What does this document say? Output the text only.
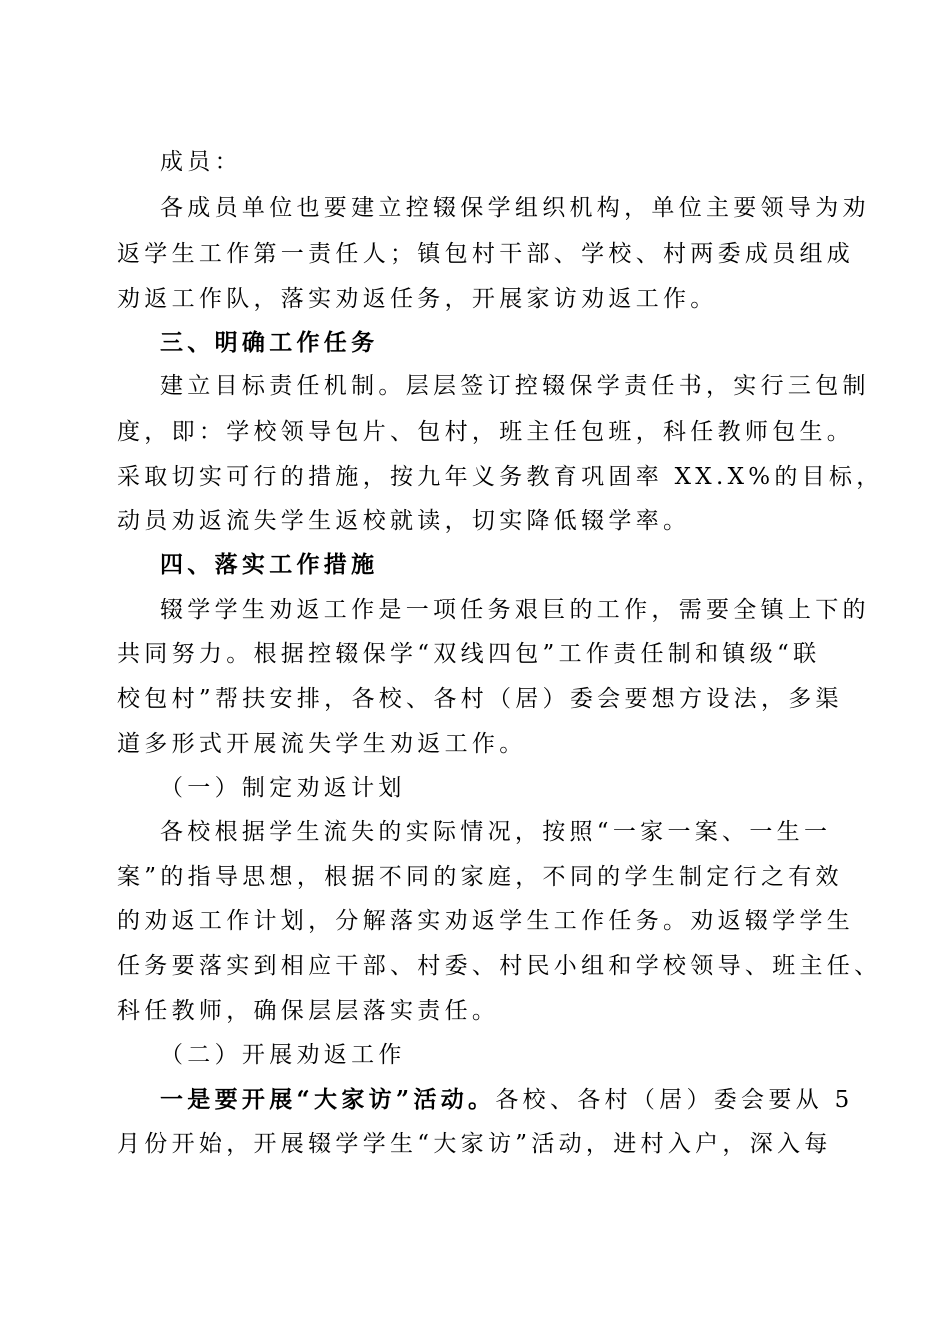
成员：
各成员单位也要建立控辍保学组织机构，单位主要领导为劝
返学生工作第一责任人；镇包村干部、学校、村两委成员组成
劝返工作队，落实劝返任务，开展家访劝返工作。
三、明确工作任务
建立目标责任机制。层层签订控辍保学责任书，实行三包制
度，即：学校领导包片、包村，班主任包班，科任教师包生。
采取切实可行的措施，按九年义务教育巩固率 XX.X%的目标，
动员劝返流失学生返校就读，切实降低辍学率。
四、落实工作措施
辍学学生劝返工作是一项任务艰巨的工作，需要全镇上下的
共同努力。根据控辍保学“双线四包”工作责任制和镇级“联
校包村”帮扶安排，各校、各村（居）委会要想方设法，多渠
道多形式开展流失学生劝返工作。
（一）制定劝返计划
各校根据学生流失的实际情况，按照“一家一案、一生一
案”的指导思想，根据不同的家庭，不同的学生制定行之有效
的劝返工作计划，分解落实劝返学生工作任务。劝返辍学学生
任务要落实到相应干部、村委、村民小组和学校领导、班主任、
科任教师，确保层层落实责任。
（二）开展劝返工作
一是要开展“大家访”活动。各校、各村（居）委会要从 5
月份开始，开展辍学学生“大家访”活动，进村入户，深入每
